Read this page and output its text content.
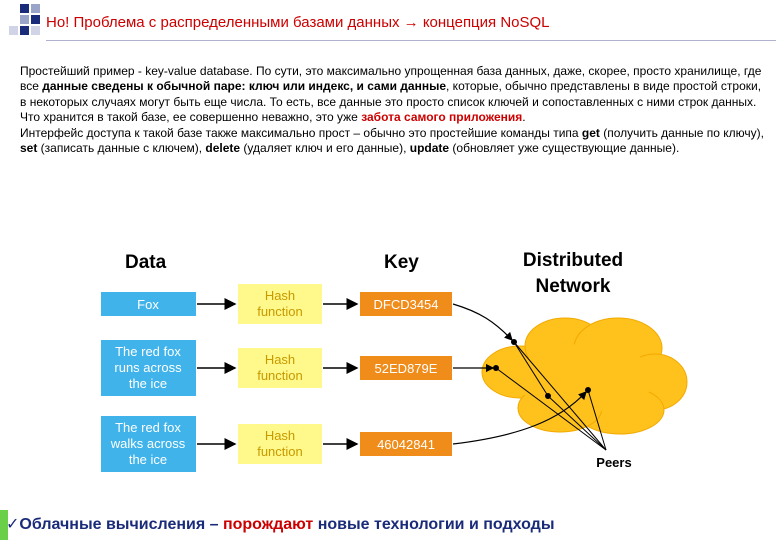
Но! Проблема с распределенными базами данных → концепция NoSQL

Простейший пример - key-value database. По сути, это максимально упрощенная база данных, даже, скорее, просто хранилище, где все данные сведены к обычной паре: ключ или индекс, и сами данные, которые, обычно представлены в виде простой строки, в некоторых случаях могут быть еще числа. То есть, все данные это просто список ключей и сопоставленных с ними строк данных.

Что хранится в такой базе, ее совершенно неважно, это уже забота самого приложения.

Интерфейс доступа к такой базе также максимально прост – обычно это простейшие команды типа get (получить данные по ключу), set (записать данные с ключем), delete (удаляет ключ и его данные), update (обновляет уже существующие данные).

Data	Key	Distributed
Network
Fox
Hash
function	DFCD3454
The red fox
runs across
the ice
Hash
function	52ED879E
The red fox
walks across
the ice
Hash
function	46042841
Peers
✓Облачные вычисления – порождают новые технологии и подходы
